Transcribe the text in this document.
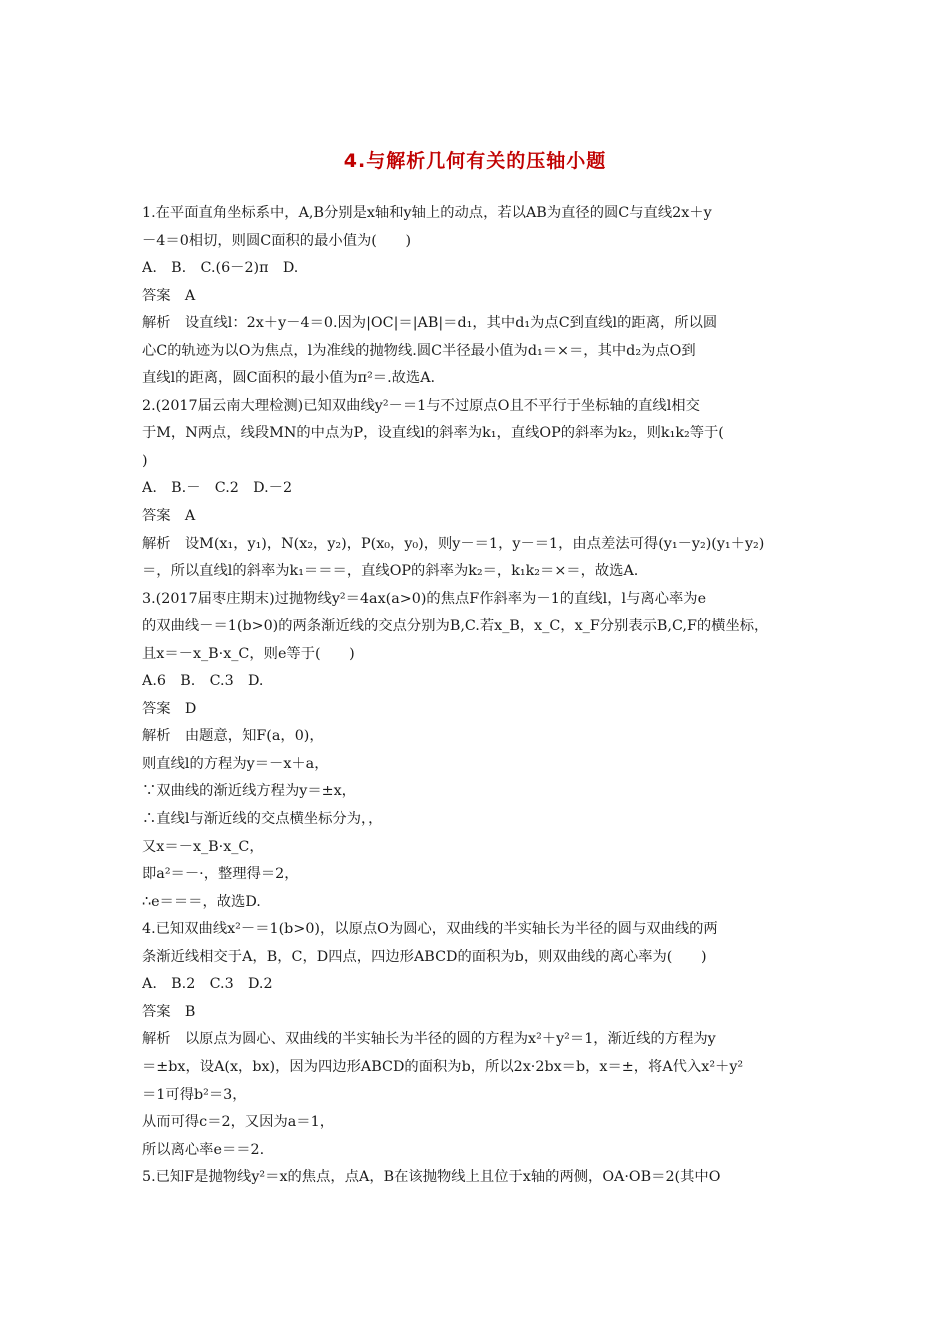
4.与解析几何有关的压轴小题
1.在平面直角坐标系中，A,B分别是x轴和y轴上的动点，若以AB为直径的圆C与直线2x＋y
－4＝0相切，则圆C面积的最小值为(　　)
A.　B.　C.(6－2)π　D.
答案　A
解析　设直线l：2x＋y－4＝0.因为|OC|＝|AB|＝d₁，其中d₁为点C到直线l的距离，所以圆
心C的轨迹为以O为焦点，l为准线的抛物线.圆C半径最小值为d₁＝×＝，其中d₂为点O到
直线l的距离，圆C面积的最小值为π²＝.故选A.
2.(2017届云南大理检测)已知双曲线y²－＝1与不过原点O且不平行于坐标轴的直线l相交
于M，N两点，线段MN的中点为P，设直线l的斜率为k₁，直线OP的斜率为k₂，则k₁k₂等于(
)
A.　B.－　C.2　D.－2
答案　A
解析　设M(x₁，y₁)，N(x₂，y₂)，P(x₀，y₀)，则y－＝1，y－＝1，由点差法可得(y₁－y₂)(y₁＋y₂)
＝，所以直线l的斜率为k₁＝＝＝，直线OP的斜率为k₂＝，k₁k₂＝×＝，故选A.
3.(2017届枣庄期末)过抛物线y²＝4ax(a>0)的焦点F作斜率为－1的直线l，l与离心率为e
的双曲线－＝1(b>0)的两条渐近线的交点分别为B,C.若x_B，x_C，x_F分别表示B,C,F的横坐标，
且x＝－x_B·x_C，则e等于(　　)
A.6　B.　C.3　D.
答案　D
解析　由题意，知F(a，0)，
则直线l的方程为y＝－x＋a，
∵双曲线的渐近线方程为y＝±x，
∴直线l与渐近线的交点横坐标分为，，
又x＝－x_B·x_C，
即a²＝－·，整理得＝2，
∴e＝＝＝，故选D.
4.已知双曲线x²－＝1(b>0)，以原点O为圆心，双曲线的半实轴长为半径的圆与双曲线的两
条渐近线相交于A，B，C，D四点，四边形ABCD的面积为b，则双曲线的离心率为(　　)
A.　B.2　C.3　D.2
答案　B
解析　以原点为圆心、双曲线的半实轴长为半径的圆的方程为x²＋y²＝1，渐近线的方程为y
＝±bx，设A(x，bx)，因为四边形ABCD的面积为b，所以2x·2bx＝b，x＝±，将A代入x²＋y²
＝1可得b²＝3，
从而可得c＝2，又因为a＝1，
所以离心率e＝＝2.
5.已知F是抛物线y²＝x的焦点，点A，B在该抛物线上且位于x轴的两侧，OA·OB＝2(其中O
